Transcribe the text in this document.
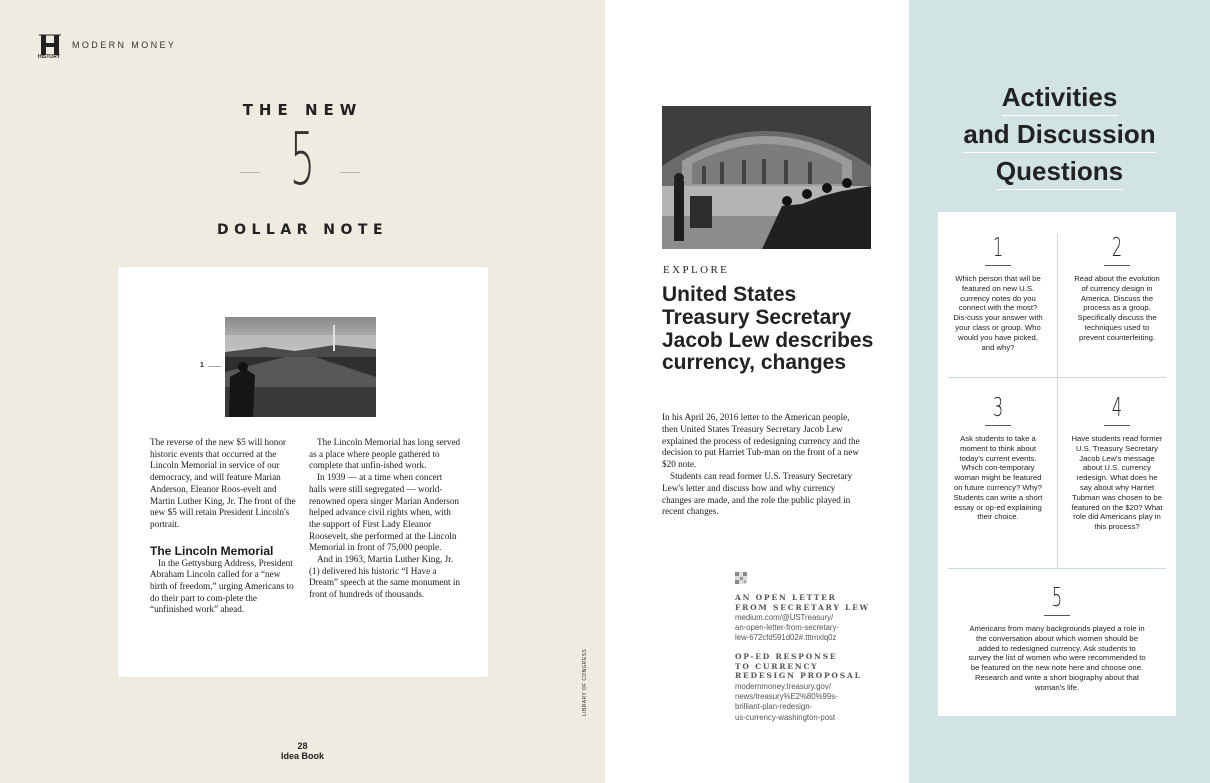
HISTORY
MODERN MONEY
THE NEW
5
DOLLAR NOTE
1

The reverse of the new $5 will honor historic events that occurred at the Lincoln Memorial in service of our democracy, and will feature Marian Anderson, Eleanor Roos-evelt and Martin Luther King, Jr. The front of the new $5 will retain President Lincoln's portrait.

The Lincoln Memorial

In the Gettysburg Address, President Abraham Lincoln called for a “new birth of freedom,” urging Americans to do their part to com-plete the “unfinished work” ahead.

The Lincoln Memorial has long served as a place where people gathered to complete that unfin-ished work.

In 1939 — at a time when concert halls were still segregated — world-renowned opera singer Marian Anderson helped advance civil rights when, with the support of First Lady Eleanor Roosevelt, she performed at the Lincoln Memorial in front of 75,000 people.

And in 1963, Martin Luther King, Jr. (1) delivered his historic “I Have a Dream” speech at the same monument in front of hundreds of thousands.

28
Idea Book
LIBRARY OF CONGRESS
EXPLORE
United States Treasury Secretary Jacob Lew describes currency, changes

In his April 26, 2016 letter to the American people, then United States Treasury Secretary Jacob Lew explained the process of redesigning currency and the decision to put Harriet Tub-man on the front of a new $20 note.

Students can read former U.S. Treasury Secretary Lew's letter and discuss how and why currency changes are made, and the role the public played in recent changes.

AN OPEN LETTER
FROM SECRETARY LEW
medium.com/@USTreasury/
an-open-letter-from-secretary-
lew-672cfd591d02#.tttmxlq0z
OP-ED RESPONSE
TO CURRENCY
REDESIGN PROPOSAL
modernmoney.treasury.gov/
news/treasury%E2%80%99s-
brilliant-plan-redesign-
us-currency-washington-post
Activities
and Discussion
Questions
1
Which person that will be featured on new U.S. currency notes do you connect with the most? Dis-cuss your answer with your class or group. Who would you have picked, and why?
2
Read about the evolution of currency design in America. Discuss the process as a group. Specifically discuss the techniques used to prevent counterfeiting.
3
Ask students to take a moment to think about today's current events. Which con-temporary woman might be featured on future currency? Why? Students can write a short essay or op-ed explaining their choice.
4
Have students read former U.S. Treasury Secretary Jacob Lew's message about U.S. currency redesign. What does he say about why Harriet Tubman was chosen to be featured on the $20? What role did Americans play in this process?
5
Americans from many backgrounds played a role in the conversation about which women should be added to redesigned currency. Ask students to survey the list of women who were recommended to be featured on the new note here and choose one. Research and write a short biography about that woman's life.
